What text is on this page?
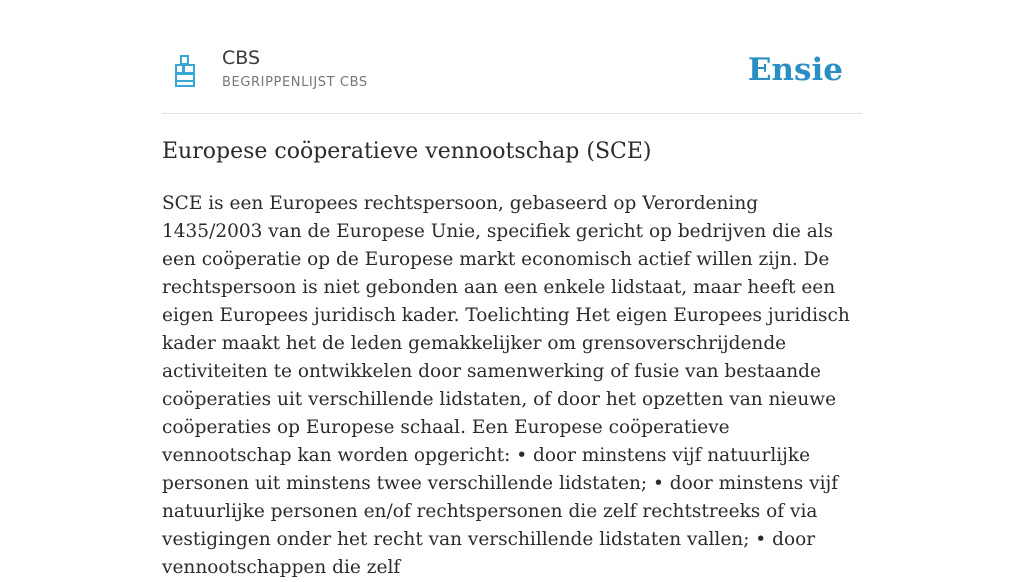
CBS
BEGRIPPENLIJST CBS	Ensie
Europese coöperatieve vennootschap (SCE)

SCE is een Europees rechtspersoon, gebaseerd op Verordening 1435/2003 van de Europese Unie, specifiek gericht op bedrijven die als een coöperatie op de Europese markt economisch actief willen zijn. De rechtspersoon is niet gebonden aan een enkele lidstaat, maar heeft een eigen Europees juridisch kader. Toelichting Het eigen Europees juridisch kader maakt het de leden gemakkelijker om grensoverschrijdende activiteiten te ontwikkelen door samenwerking of fusie van bestaande coöperaties uit verschillende lidstaten, of door het opzetten van nieuwe coöperaties op Europese schaal. Een Europese coöperatieve vennootschap kan worden opgericht: • door minstens vijf natuurlijke personen uit minstens twee verschillende lidstaten; • door minstens vijf natuurlijke personen en/of rechtspersonen die zelf rechtstreeks of via vestigingen onder het recht van verschillende lidstaten vallen; • door vennootschappen die zelf
